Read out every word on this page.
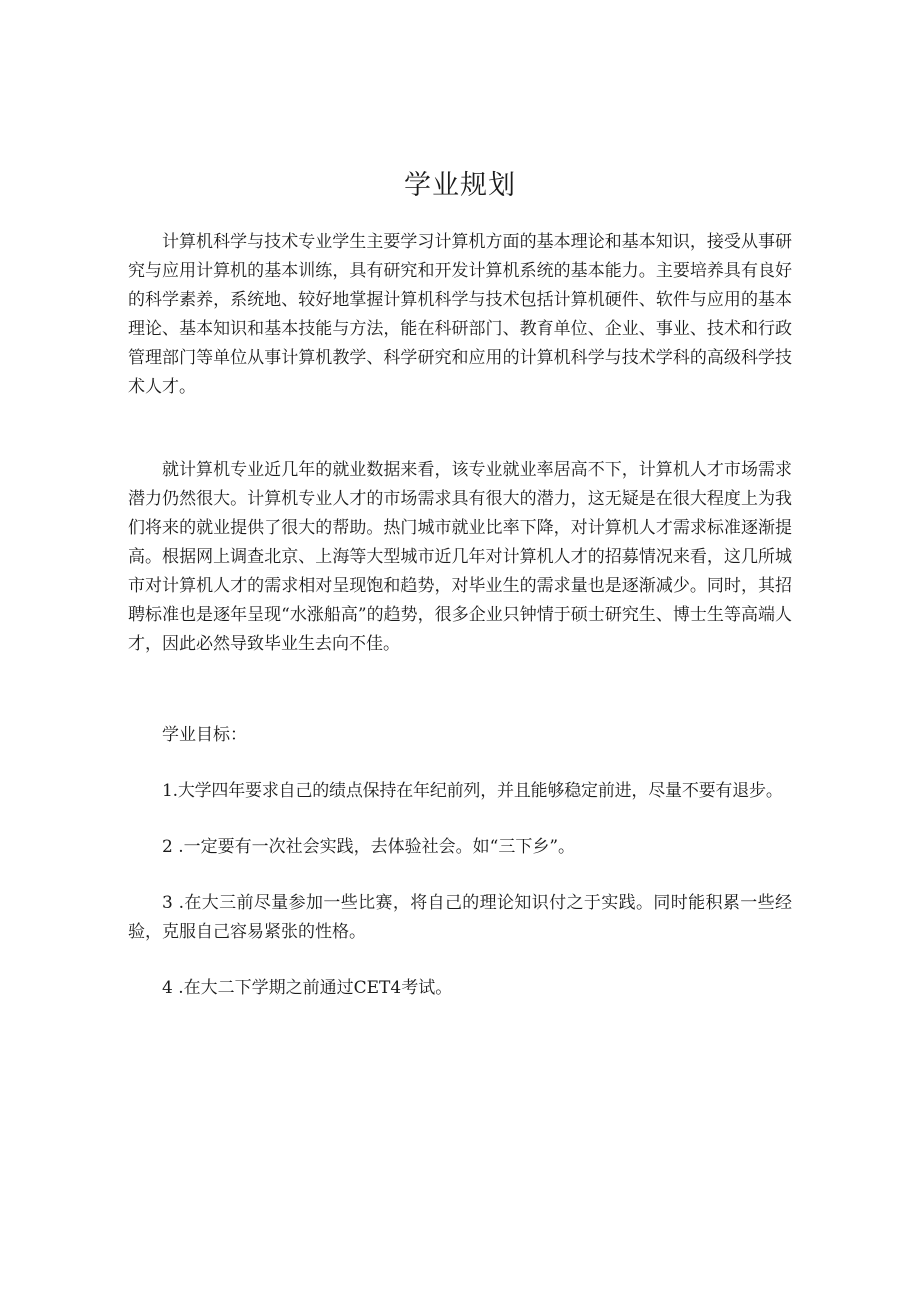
学业规划

计算机科学与技术专业学生主要学习计算机方面的基本理论和基本知识，接受从事研究与应用计算机的基本训练，具有研究和开发计算机系统的基本能力。主要培养具有良好的科学素养，系统地、较好地掌握计算机科学与技术包括计算机硬件、软件与应用的基本理论、基本知识和基本技能与方法，能在科研部门、教育单位、企业、事业、技术和行政管理部门等单位从事计算机教学、科学研究和应用的计算机科学与技术学科的高级科学技术人才。

就计算机专业近几年的就业数据来看，该专业就业率居高不下，计算机人才市场需求潜力仍然很大。计算机专业人才的市场需求具有很大的潜力，这无疑是在很大程度上为我们将来的就业提供了很大的帮助。热门城市就业比率下降，对计算机人才需求标准逐渐提高。根据网上调查北京、上海等大型城市近几年对计算机人才的招募情况来看，这几所城市对计算机人才的需求相对呈现饱和趋势，对毕业生的需求量也是逐渐减少。同时，其招聘标准也是逐年呈现“水涨船高”的趋势，很多企业只钟情于硕士研究生、博士生等高端人才，因此必然导致毕业生去向不佳。

学业目标：

1.大学四年要求自己的绩点保持在年纪前列，并且能够稳定前进，尽量不要有退步。

2 .一定要有一次社会实践，去体验社会。如“三下乡”。

3 .在大三前尽量参加一些比赛，将自己的理论知识付之于实践。同时能积累一些经验，克服自己容易紧张的性格。

4 .在大二下学期之前通过CET4考试。
